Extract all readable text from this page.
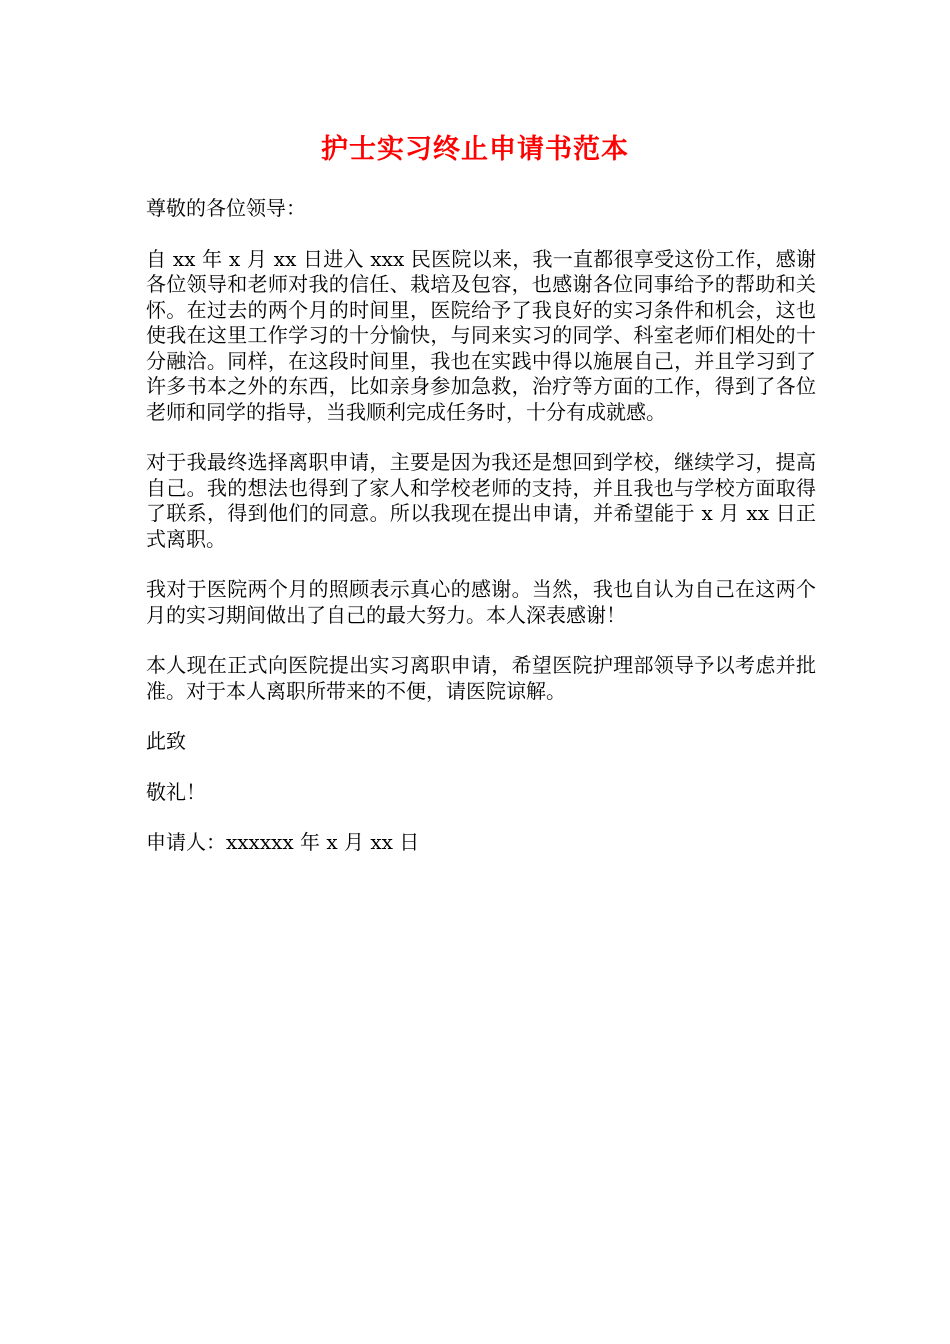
护士实习终止申请书范本

尊敬的各位领导：

自 xx 年 x 月 xx 日进入 xxx 民医院以来，我一直都很享受这份工作，感谢各位领导和老师对我的信任、栽培及包容，也感谢各位同事给予的帮助和关怀。在过去的两个月的时间里，医院给予了我良好的实习条件和机会，这也使我在这里工作学习的十分愉快，与同来实习的同学、科室老师们相处的十分融洽。同样，在这段时间里，我也在实践中得以施展自己，并且学习到了许多书本之外的东西，比如亲身参加急救，治疗等方面的工作，得到了各位老师和同学的指导，当我顺利完成任务时，十分有成就感。

对于我最终选择离职申请，主要是因为我还是想回到学校，继续学习，提高自己。我的想法也得到了家人和学校老师的支持，并且我也与学校方面取得了联系，得到他们的同意。所以我现在提出申请，并希望能于 x 月 xx 日正式离职。

我对于医院两个月的照顾表示真心的感谢。当然，我也自认为自己在这两个月的实习期间做出了自己的最大努力。本人深表感谢！

本人现在正式向医院提出实习离职申请，希望医院护理部领导予以考虑并批准。对于本人离职所带来的不便，请医院谅解。

此致

敬礼！

申请人：xxxxxx 年 x 月 xx 日
